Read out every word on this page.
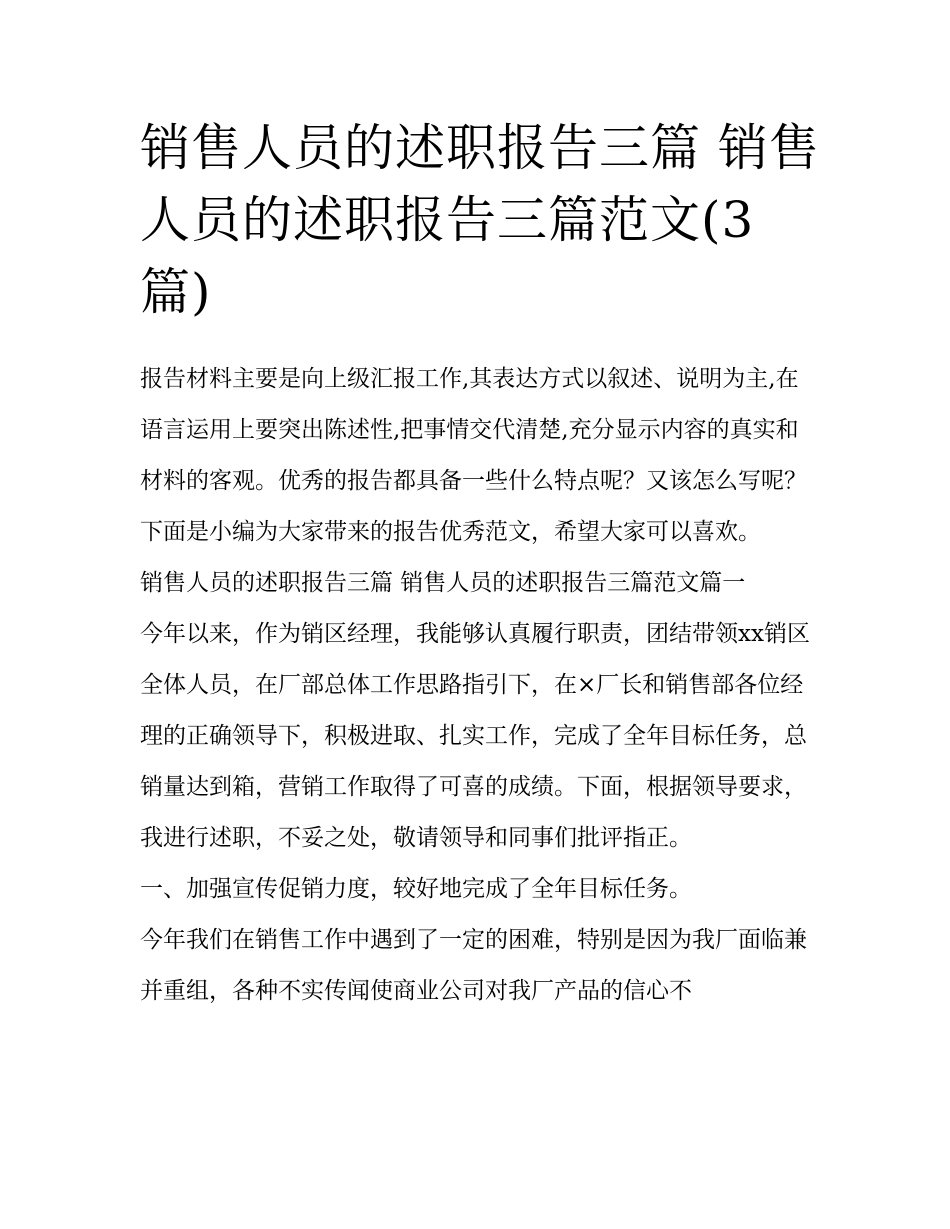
销售人员的述职报告三篇 销售人员的述职报告三篇范文(3篇)

报告材料主要是向上级汇报工作,其表达方式以叙述、说明为主,在语言运用上要突出陈述性,把事情交代清楚,充分显示内容的真实和材料的客观。优秀的报告都具备一些什么特点呢？又该怎么写呢？下面是小编为大家带来的报告优秀范文，希望大家可以喜欢。

销售人员的述职报告三篇 销售人员的述职报告三篇范文篇一

今年以来，作为销区经理，我能够认真履行职责，团结带领xx销区全体人员，在厂部总体工作思路指引下，在×厂长和销售部各位经理的正确领导下，积极进取、扎实工作，完成了全年目标任务，总销量达到箱，营销工作取得了可喜的成绩。下面，根据领导要求，我进行述职，不妥之处，敬请领导和同事们批评指正。

一、加强宣传促销力度，较好地完成了全年目标任务。

今年我们在销售工作中遇到了一定的困难，特别是因为我厂面临兼并重组，各种不实传闻使商业公司对我厂产品的信心不
